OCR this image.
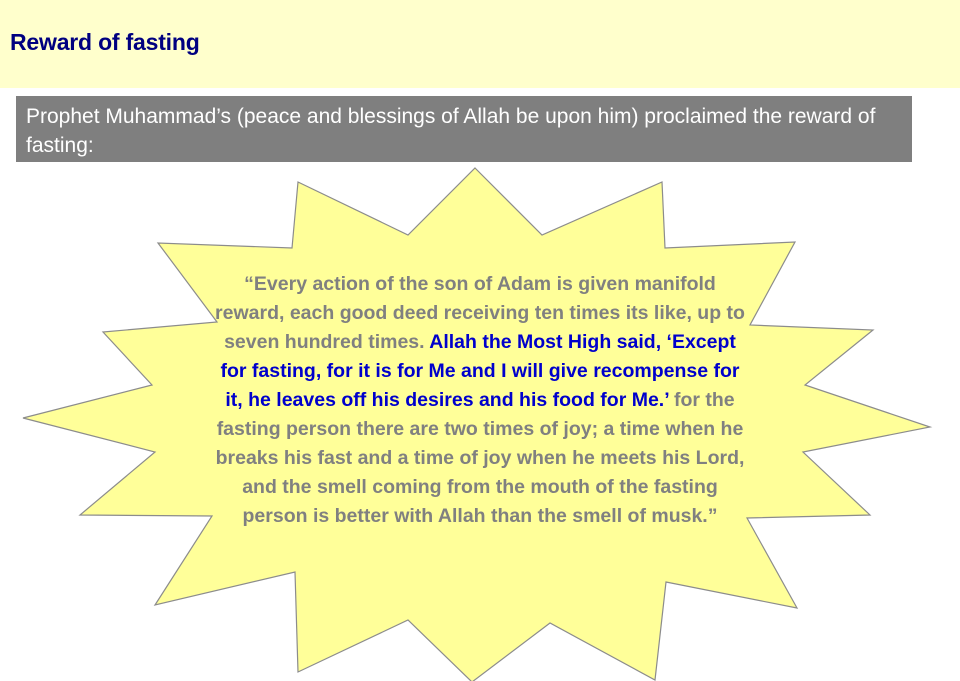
Reward of fasting
Prophet Muhammad’s (peace and blessings of Allah be upon him) proclaimed the reward of fasting:

“Every action of the son of Adam is given manifold reward, each good deed receiving ten times its like, up to seven hundred times. Allah the Most High said, ‘Except for fasting, for it is for Me and I will give recompense for it, he leaves off his desires and his food for Me.’ for the fasting person there are two times of joy; a time when he breaks his fast and a time of joy when he meets his Lord, and the smell coming from the mouth of the fasting person is better with Allah than the smell of musk.”
